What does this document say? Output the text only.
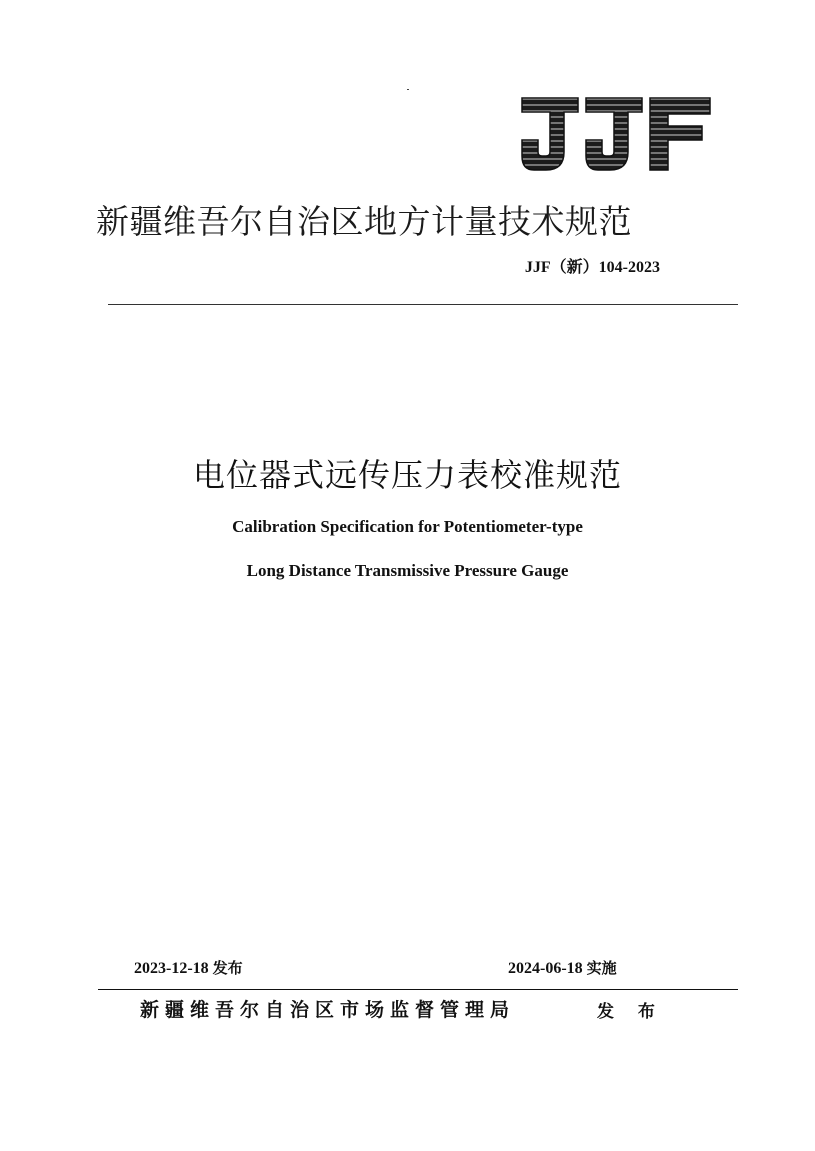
新疆维吾尔自治区地方计量技术规范
JJF（新）104-2023
电位器式远传压力表校准规范
Calibration Specification for Potentiometer-type
Long Distance Transmissive Pressure Gauge
2023-12-18 发布	2024-06-18 实施
新疆维吾尔自治区市场监督管理局	发 布
